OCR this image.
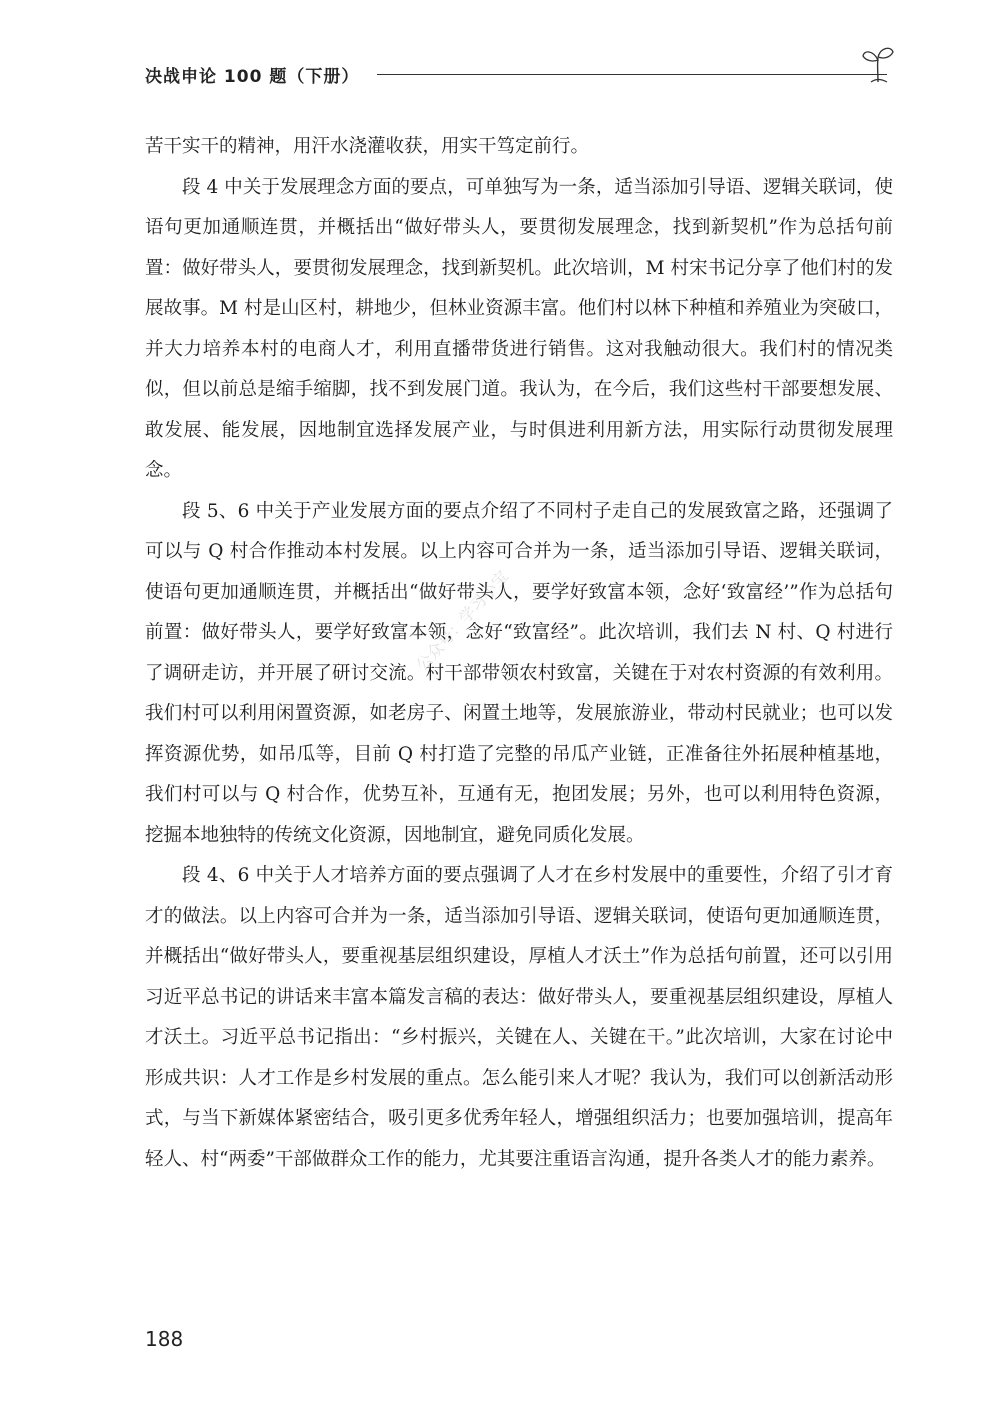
决战申论 100 题（下册）

苦干实干的精神，用汗水浇灌收获，用实干笃定前行。

段 4 中关于发展理念方面的要点，可单独写为一条，适当添加引导语、逻辑关联词，使语句更加通顺连贯，并概括出“做好带头人，要贯彻发展理念，找到新契机”作为总括句前置：做好带头人，要贯彻发展理念，找到新契机。此次培训，M 村宋书记分享了他们村的发展故事。M 村是山区村，耕地少，但林业资源丰富。他们村以林下种植和养殖业为突破口，并大力培养本村的电商人才，利用直播带货进行销售。这对我触动很大。我们村的情况类似，但以前总是缩手缩脚，找不到发展门道。我认为，在今后，我们这些村干部要想发展、敢发展、能发展，因地制宜选择发展产业，与时俱进利用新方法，用实际行动贯彻发展理念。

段 5、6 中关于产业发展方面的要点介绍了不同村子走自己的发展致富之路，还强调了可以与 Q 村合作推动本村发展。以上内容可合并为一条，适当添加引导语、逻辑关联词，使语句更加通顺连贯，并概括出“做好带头人，要学好致富本领，念好‘致富经’”作为总括句前置：做好带头人，要学好致富本领，念好“致富经”。此次培训，我们去 N 村、Q 村进行了调研走访，并开展了研讨交流。村干部带领农村致富，关键在于对农村资源的有效利用。我们村可以利用闲置资源，如老房子、闲置土地等，发展旅游业，带动村民就业；也可以发挥资源优势，如吊瓜等，目前 Q 村打造了完整的吊瓜产业链，正准备往外拓展种植基地，我们村可以与 Q 村合作，优势互补，互通有无，抱团发展；另外，也可以利用特色资源，挖掘本地独特的传统文化资源，因地制宜，避免同质化发展。

段 4、6 中关于人才培养方面的要点强调了人才在乡村发展中的重要性，介绍了引才育才的做法。以上内容可合并为一条，适当添加引导语、逻辑关联词，使语句更加通顺连贯，并概括出“做好带头人，要重视基层组织建设，厚植人才沃土”作为总括句前置，还可以引用习近平总书记的讲话来丰富本篇发言稿的表达：做好带头人，要重视基层组织建设，厚植人才沃土。习近平总书记指出：“乡村振兴，关键在人、关键在干。”此次培训，大家在讨论中形成共识：人才工作是乡村发展的重点。怎么能引来人才呢？我认为，我们可以创新活动形式，与当下新媒体紧密结合，吸引更多优秀年轻人，增强组织活力；也要加强培训，提高年轻人、村“两委”干部做群众工作的能力，尤其要注重语言沟通，提升各类人才的能力素养。

公众号：学习小宝
188
